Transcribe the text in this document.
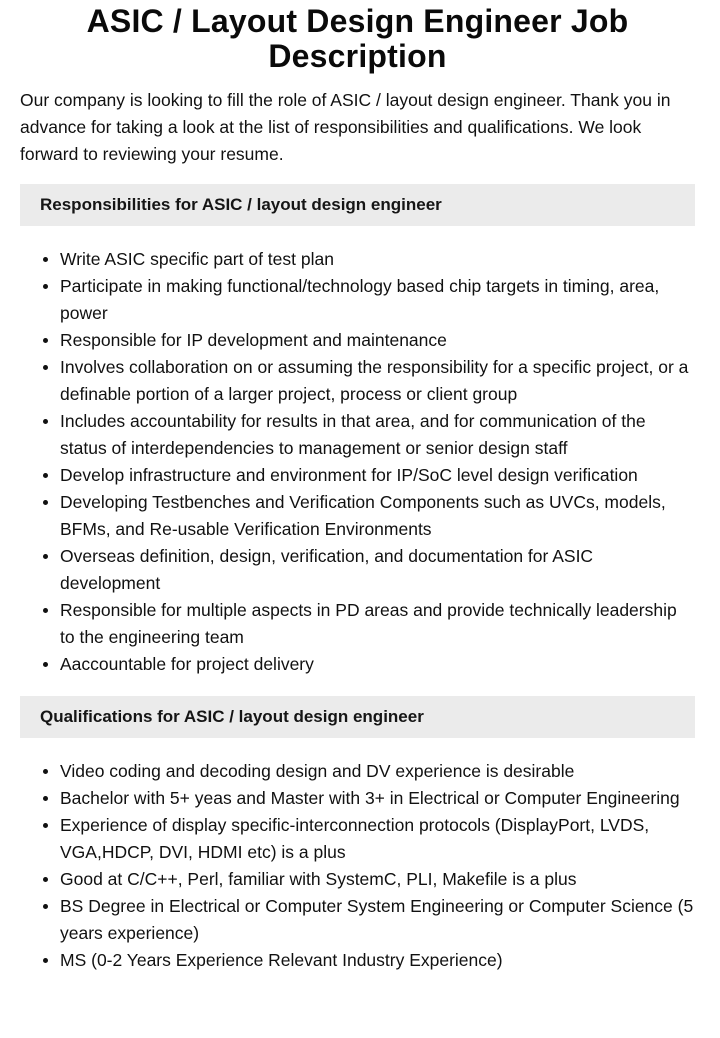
ASIC / Layout Design Engineer Job Description

Our company is looking to fill the role of ASIC / layout design engineer. Thank you in advance for taking a look at the list of responsibilities and qualifications. We look forward to reviewing your resume.

Responsibilities for ASIC / layout design engineer
Write ASIC specific part of test plan
Participate in making functional/technology based chip targets in timing, area, power
Responsible for IP development and maintenance
Involves collaboration on or assuming the responsibility for a specific project, or a definable portion of a larger project, process or client group
Includes accountability for results in that area, and for communication of the status of interdependencies to management or senior design staff
Develop infrastructure and environment for IP/SoC level design verification
Developing Testbenches and Verification Components such as UVCs, models, BFMs, and Re-usable Verification Environments
Overseas definition, design, verification, and documentation for ASIC development
Responsible for multiple aspects in PD areas and provide technically leadership to the engineering team
Aaccountable for project delivery
Qualifications for ASIC / layout design engineer
Video coding and decoding design and DV experience is desirable
Bachelor with 5+ yeas and Master with 3+ in Electrical or Computer Engineering
Experience of display specific-interconnection protocols (DisplayPort, LVDS, VGA,HDCP, DVI, HDMI etc) is a plus
Good at C/C++, Perl, familiar with SystemC, PLI, Makefile is a plus
BS Degree in Electrical or Computer System Engineering or Computer Science (5 years experience)
MS (0-2 Years Experience Relevant Industry Experience)
